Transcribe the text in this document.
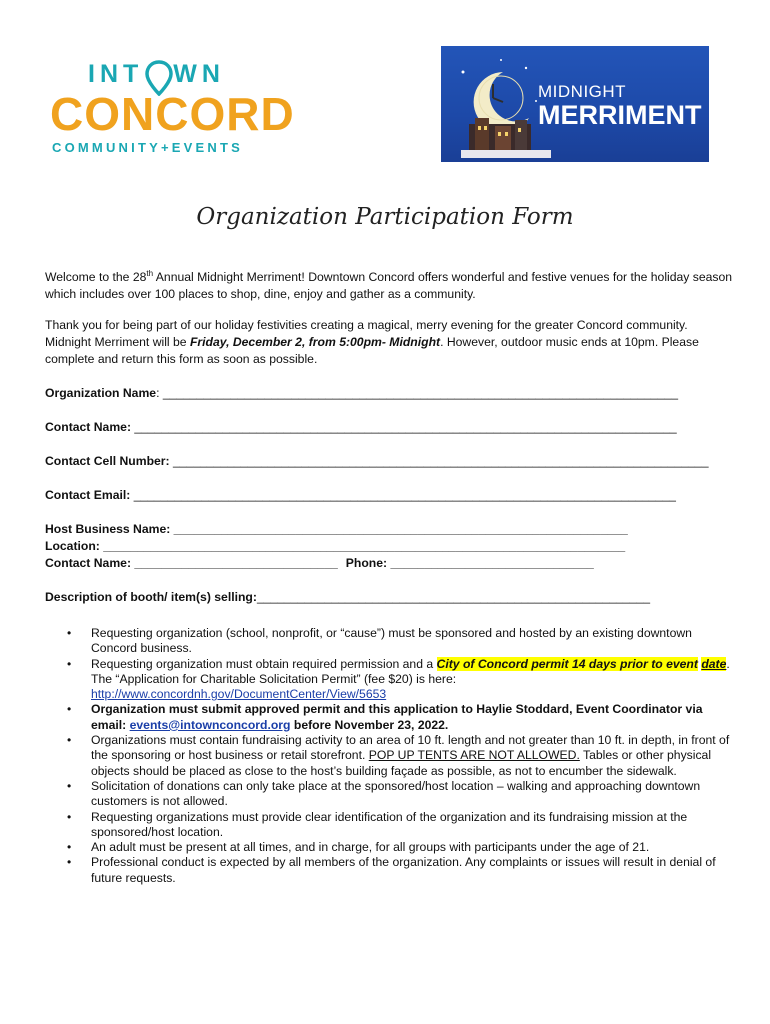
INT WN
CONCORD
COMMUNITY+EVENTS
MIDNIGHT
MERRIMENT
Organization Participation Form
Welcome to the 28th Annual Midnight Merriment! Downtown Concord offers wonderful and festive venues for the holiday season which includes over 100 places to shop, dine, enjoy and gather as a community.
Thank you for being part of our holiday festivities creating a magical, merry evening for the greater Concord community. Midnight Merriment will be Friday, December 2, from 5:00pm- Midnight. However, outdoor music ends at 10pm. Please complete and return this form as soon as possible.
Organization Name: ____________________________________________________________________________
Contact Name: ________________________________________________________________________________
Contact Cell Number: _______________________________________________________________________________
Contact Email: ________________________________________________________________________________
Host Business Name: ___________________________________________________________________
Location: _____________________________________________________________________________
Contact Name: ______________________________ Phone: ______________________________
Description of booth/ item(s) selling:__________________________________________________________
• Requesting organization (school, nonprofit, or “cause”) must be sponsored and hosted by an existing downtown Concord business.
• Requesting organization must obtain required permission and a City of Concord permit 14 days prior to event date. The “Application for Charitable Solicitation Permit” (fee $20) is here:
http://www.concordnh.gov/DocumentCenter/View/5653
• Organization must submit approved permit and this application to Haylie Stoddard, Event Coordinator via email: events@intownconcord.org before November 23, 2022.
• Organizations must contain fundraising activity to an area of 10 ft. length and not greater than 10 ft. in depth, in front of the sponsoring or host business or retail storefront. POP UP TENTS ARE NOT ALLOWED. Tables or other physical objects should be placed as close to the host’s building façade as possible, as not to encumber the sidewalk.
• Solicitation of donations can only take place at the sponsored/host location – walking and approaching downtown customers is not allowed.
• Requesting organizations must provide clear identification of the organization and its fundraising mission at the sponsored/host location.
• An adult must be present at all times, and in charge, for all groups with participants under the age of 21.
• Professional conduct is expected by all members of the organization. Any complaints or issues will result in denial of future requests.
